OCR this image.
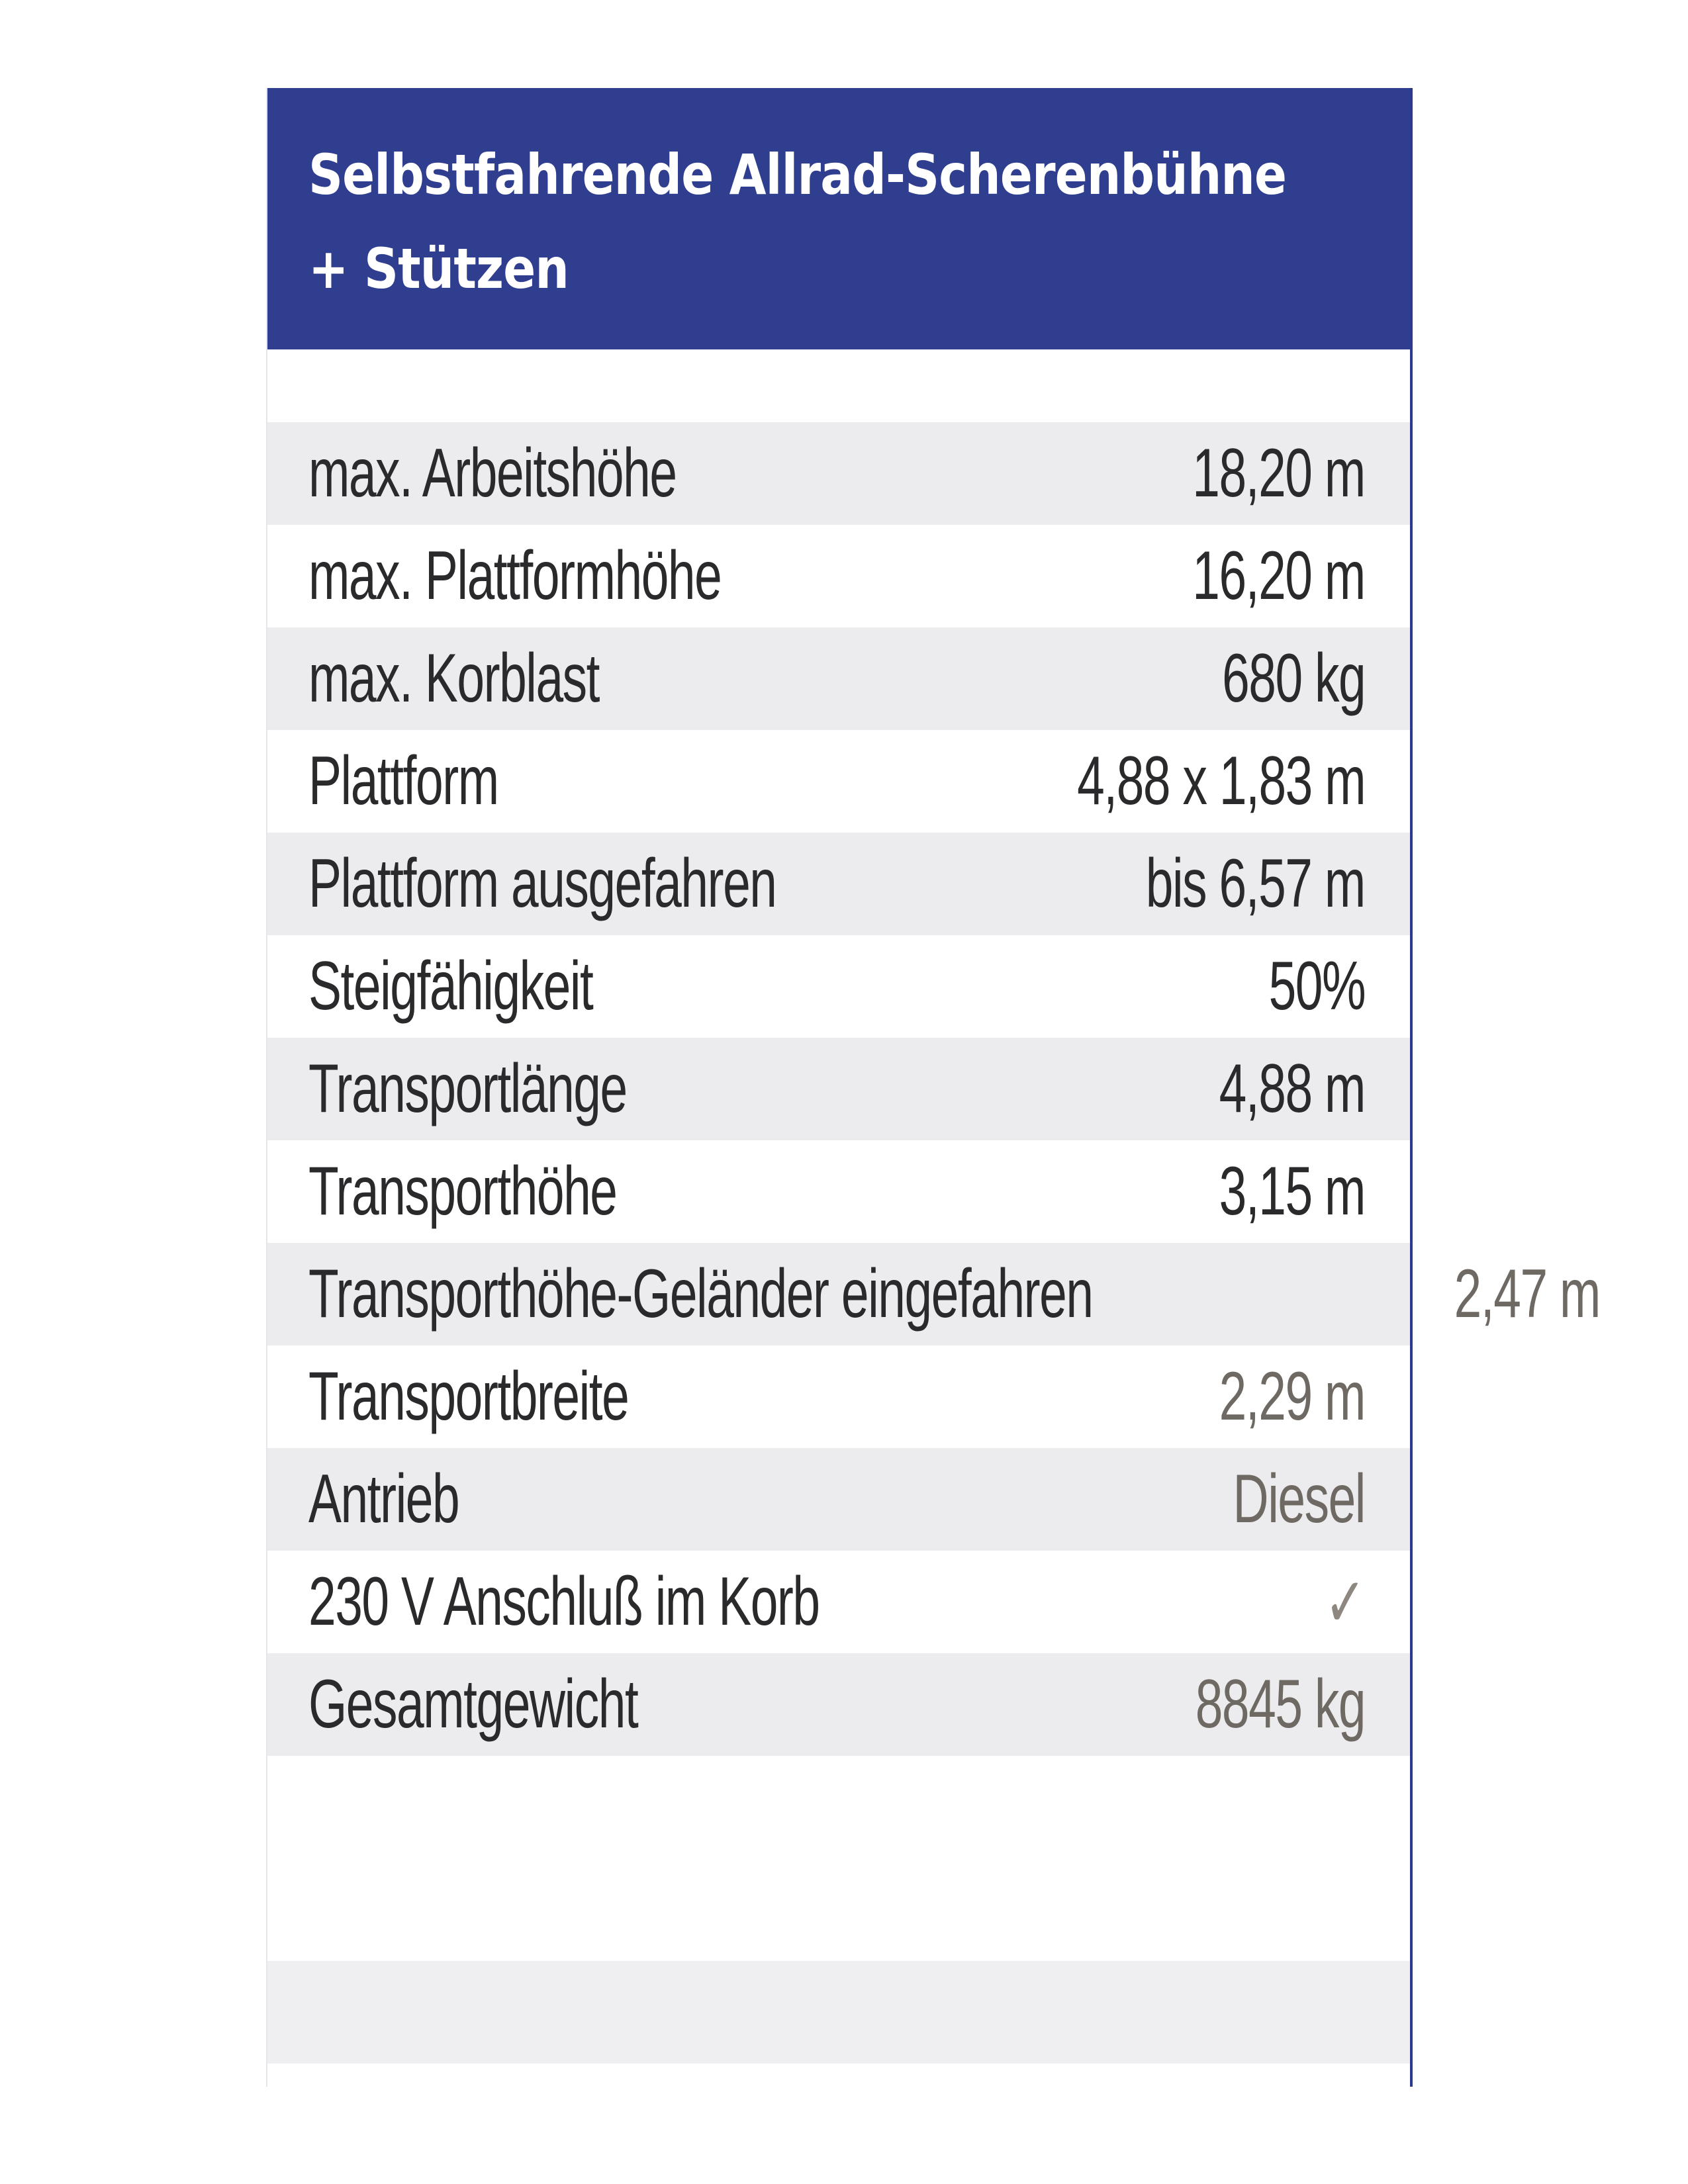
Selbstfahrende Allrad-Scherenbühne
+ Stützen
max. Arbeitshöhe	18,20 m
max. Plattformhöhe	16,20 m
max. Korblast	680 kg
Plattform	4,88 x 1,83 m
Plattform ausgefahren	bis 6,57 m
Steigfähigkeit	50%
Transportlänge	4,88 m
Transporthöhe	3,15 m
Transporthöhe-Geländer eingefahren	2,47 m
Transportbreite	2,29 m
Antrieb	Diesel
230 V Anschluß im Korb	✓
Gesamtgewicht	8845 kg
